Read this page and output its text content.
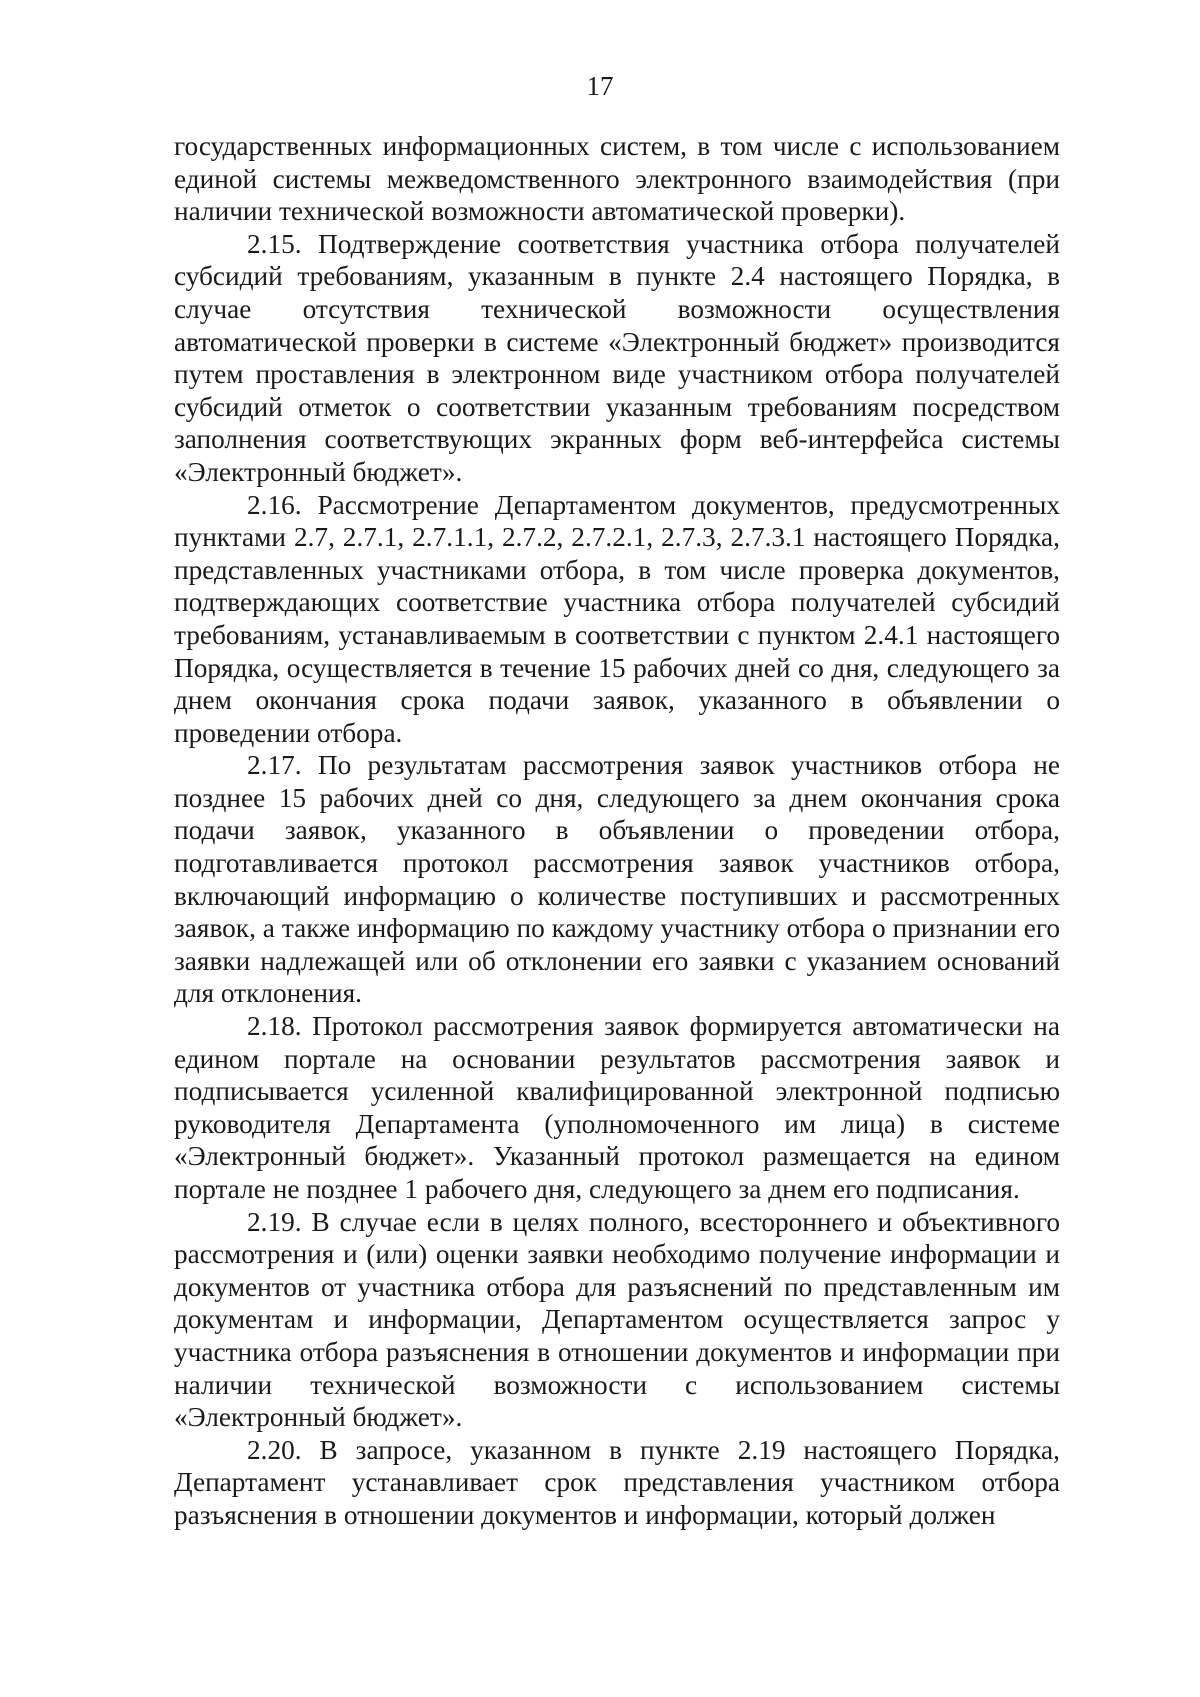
17

государственных информационных систем, в том числе с использованием единой системы межведомственного электронного взаимодействия (при наличии технической возможности автоматической проверки).

2.15. Подтверждение соответствия участника отбора получателей субсидий требованиям, указанным в пункте 2.4 настоящего Порядка, в случае отсутствия технической возможности осуществления автоматической проверки в системе «Электронный бюджет» производится путем проставления в электронном виде участником отбора получателей субсидий отметок о соответствии указанным требованиям посредством заполнения соответствующих экранных форм веб-интерфейса системы «Электронный бюджет».

2.16. Рассмотрение Департаментом документов, предусмотренных пунктами 2.7, 2.7.1, 2.7.1.1, 2.7.2, 2.7.2.1, 2.7.3, 2.7.3.1 настоящего Порядка, представленных участниками отбора, в том числе проверка документов, подтверждающих соответствие участника отбора получателей субсидий требованиям, устанавливаемым в соответствии с пунктом 2.4.1 настоящего Порядка, осуществляется в течение 15 рабочих дней со дня, следующего за днем окончания срока подачи заявок, указанного в объявлении о проведении отбора.

2.17. По результатам рассмотрения заявок участников отбора не позднее 15 рабочих дней со дня, следующего за днем окончания срока подачи заявок, указанного в объявлении о проведении отбора, подготавливается протокол рассмотрения заявок участников отбора, включающий информацию о количестве поступивших и рассмотренных заявок, а также информацию по каждому участнику отбора о признании его заявки надлежащей или об отклонении его заявки с указанием оснований для отклонения.

2.18. Протокол рассмотрения заявок формируется автоматически на едином портале на основании результатов рассмотрения заявок и подписывается усиленной квалифицированной электронной подписью руководителя Департамента (уполномоченного им лица) в системе «Электронный бюджет». Указанный протокол размещается на едином портале не позднее 1 рабочего дня, следующего за днем его подписания.

2.19. В случае если в целях полного, всестороннего и объективного рассмотрения и (или) оценки заявки необходимо получение информации и документов от участника отбора для разъяснений по представленным им документам и информации, Департаментом осуществляется запрос у участника отбора разъяснения в отношении документов и информации при наличии технической возможности с использованием системы «Электронный бюджет».

2.20. В запросе, указанном в пункте 2.19 настоящего Порядка, Департамент устанавливает срок представления участником отбора разъяснения в отношении документов и информации, который должен
